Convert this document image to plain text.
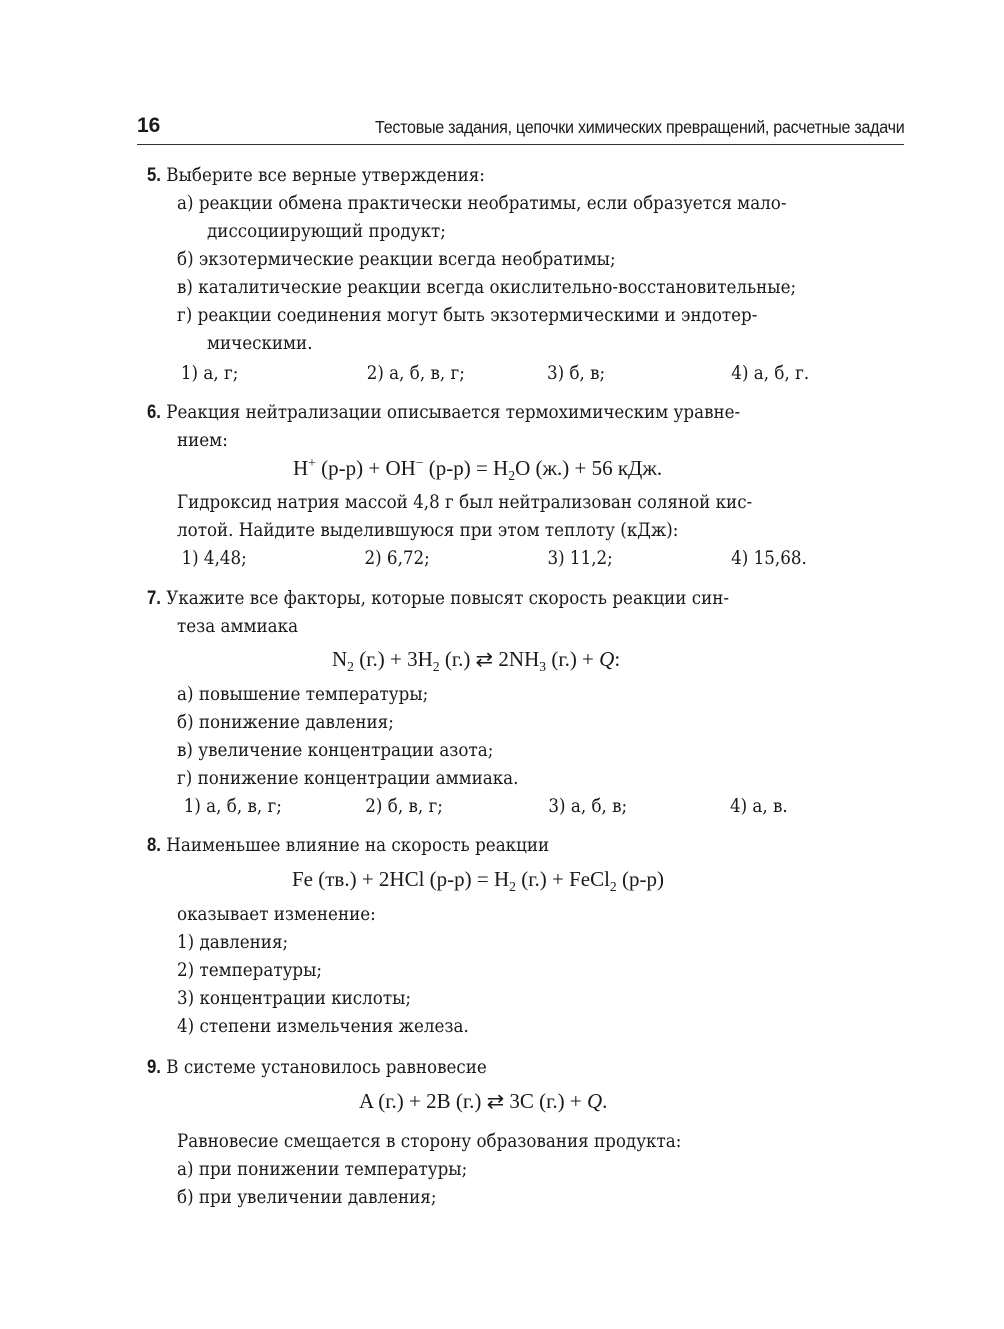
16	Тестовые задания, цепочки химических превращений, расчетные задачи
5. Выберите все верные утверждения:
а) реакции обмена практически необратимы, если образуется мало-
диссоциирующий продукт;
б) экзотермические реакции всегда необратимы;
в) каталитические реакции всегда окислительно-восстановительные;
г) реакции соединения могут быть экзотермическими и эндотер-
мическими.
1) а, г;	2) а, б, в, г;	3) б, в;	4) а, б, г.
6. Реакция нейтрализации описывается термохимическим уравне-
нием:
H+ (р-р) + OH− $(р-р) = H_2O$ (ж.) + 56 кДж.
Гидроксид натрия массой 4,8 г был нейтрализован соляной кис-
лотой. Найдите выделившуюся при этом теплоту (кДж):
1) 4,48;	2) 6,72;	3) 11,2;	4) 15,68.
7. Укажите все факторы, которые повысят скорость реакции син-
теза аммиака
$N_2$ $(г.) + 3H_2$ (г.) ⇄ $2NH_3$ (г.) + Q:
а) повышение температуры;
б) понижение давления;
в) увеличение концентрации азота;
г) понижение концентрации аммиака.
1) а, б, в, г;	2) б, в, г;	3) а, б, в;	4) а, в.
8. Наименьшее влияние на скорость реакции
Fe (тв.) + 2HCl $(р-р) = H_2$ (г.) + FeCl$_2$ (р-р)
оказывает изменение:
1) давления;
2) температуры;
3) концентрации кислоты;
4) степени измельчения железа.
9. В системе установилось равновесие
A (г.) + 2B (г.) ⇄ 3C (г.) + Q.
Равновесие смещается в сторону образования продукта:
а) при понижении температуры;
б) при увеличении давления;
